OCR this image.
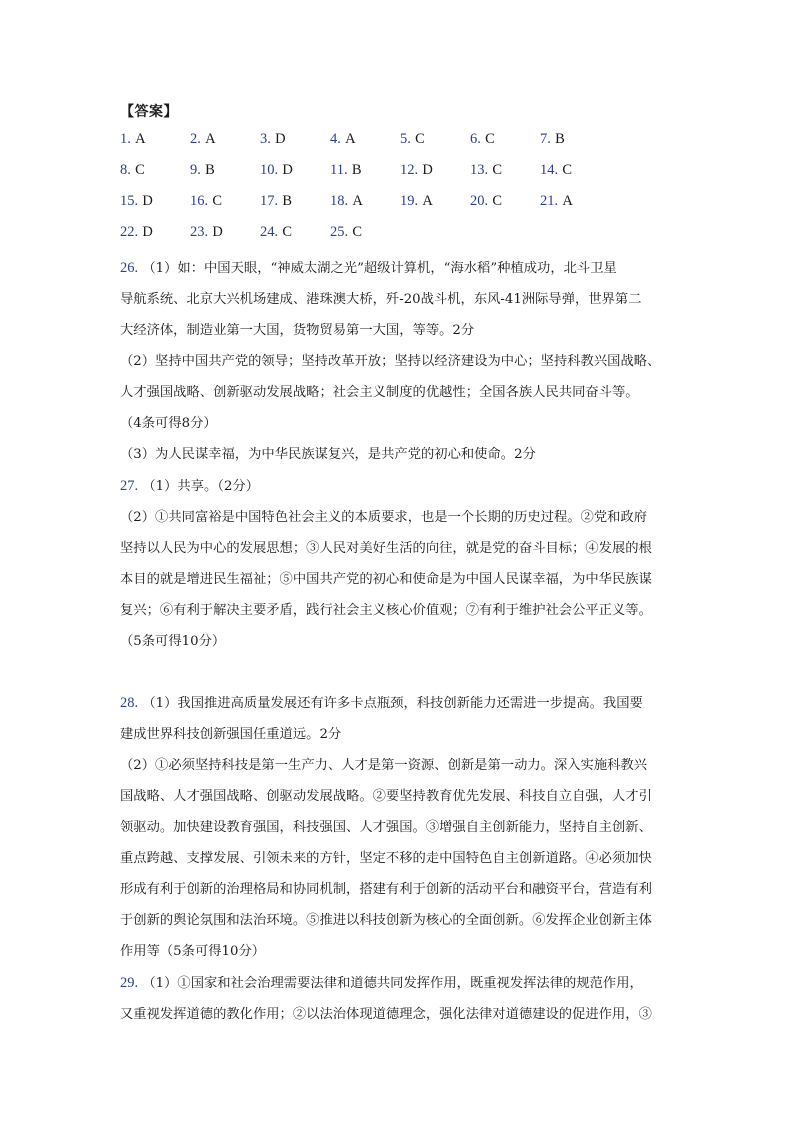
【答案】
1. A	2. A	3. D	4. A	5. C	6. C	7. B
8. C	9. B	10. D	11. B	12. D	13. C	14. C
15. D	16. C	17. B	18. A	19. A	20. C	21. A
22. D	23. D	24. C	25. C
26. （1）如：中国天眼，“神威太湖之光”超级计算机，“海水稻”种植成功，北斗卫星
导航系统、北京大兴机场建成、港珠澳大桥，歼-20战斗机，东风-41洲际导弹，世界第二
大经济体，制造业第一大国，货物贸易第一大国，等等。2分
（2）坚持中国共产党的领导；坚持改革开放；坚持以经济建设为中心；坚持科教兴国战略、
人才强国战略、创新驱动发展战略；社会主义制度的优越性；全国各族人民共同奋斗等。
（4条可得8分）
（3）为人民谋幸福，为中华民族谋复兴，是共产党的初心和使命。2分
27. （1）共享。（2分）
（2）①共同富裕是中国特色社会主义的本质要求，也是一个长期的历史过程。②党和政府
坚持以人民为中心的发展思想；③人民对美好生活的向往，就是党的奋斗目标；④发展的根
本目的就是增进民生福祉；⑤中国共产党的初心和使命是为中国人民谋幸福，为中华民族谋
复兴；⑥有利于解决主要矛盾，践行社会主义核心价值观；⑦有利于维护社会公平正义等。
（5条可得10分）
28. （1）我国推进高质量发展还有许多卡点瓶颈，科技创新能力还需进一步提高。我国要
建成世界科技创新强国任重道远。2分
（2）①必须坚持科技是第一生产力、人才是第一资源、创新是第一动力。深入实施科教兴
国战略、人才强国战略、创驱动发展战略。②要坚持教育优先发展、科技自立自强，人才引
领驱动。加快建设教育强国，科技强国、人才强国。③增强自主创新能力，坚持自主创新、
重点跨越、支撑发展、引领未来的方针，坚定不移的走中国特色自主创新道路。④必须加快
形成有利于创新的治理格局和协同机制，搭建有利于创新的活动平台和融资平台，营造有利
于创新的舆论氛围和法治环境。⑤推进以科技创新为核心的全面创新。⑥发挥企业创新主体
作用等（5条可得10分）
29. （1）①国家和社会治理需要法律和道德共同发挥作用，既重视发挥法律的规范作用，
又重视发挥道德的教化作用；②以法治体现道德理念，强化法律对道德建设的促进作用，③
